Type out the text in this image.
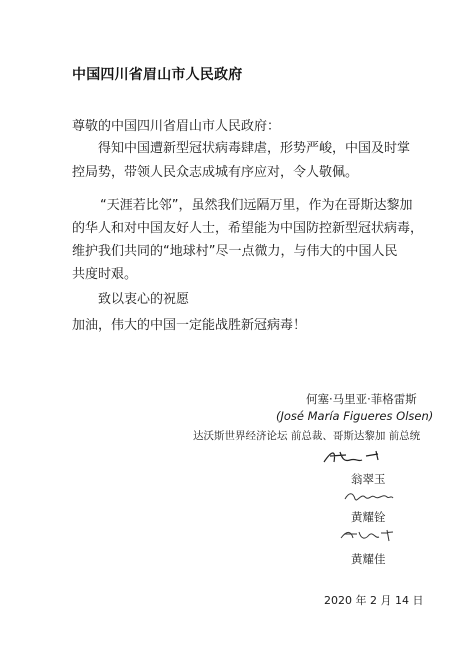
中国四川省眉山市人民政府
尊敬的中国四川省眉山市人民政府：
得知中国遭新型冠状病毒肆虐，形势严峻，中国及时掌
控局势，带领人民众志成城有序应对，令人敬佩。
“天涯若比邻”，虽然我们远隔万里，作为在哥斯达黎加
的华人和对中国友好人士，希望能为中国防控新型冠状病毒，
维护我们共同的“地球村”尽一点微力，与伟大的中国人民
共度时艰。
致以衷心的祝愿
加油，伟大的中国一定能战胜新冠病毒！
何塞·马里亚·菲格雷斯
(José María Figueres Olsen)
达沃斯世界经济论坛 前总裁、哥斯达黎加 前总统
翁翠玉
黄耀铨
黄耀佳
2020 年 2 月 14 日
